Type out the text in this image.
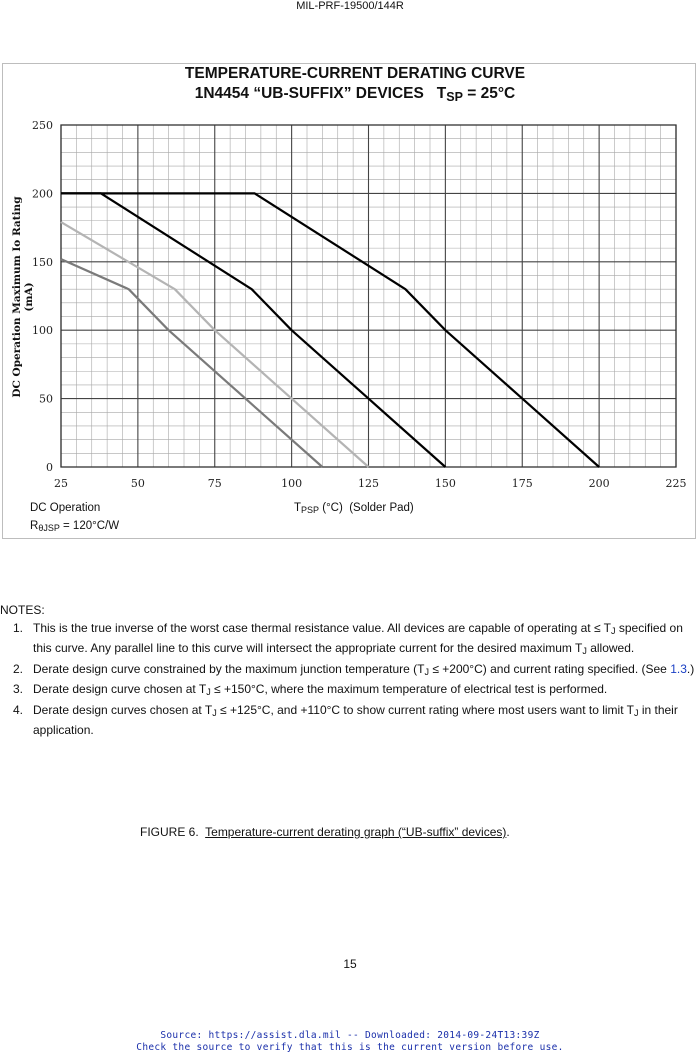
MIL-PRF-19500/144R
TEMPERATURE-CURRENT DERATING CURVE
1N4454 “UB-SUFFIX” DEVICES   TSP = 25°C
25	50	75	100	125	150	175	200	225
0
50
100
150
200
250
DC Operation Maximum Io Rating (mA)
DC Operation
$R_{\theta JSP} = 120^\circ C/W$
$T_{PSP}$ (°C)  (Solder Pad)
NOTES:
1. This is the true inverse of the worst case thermal resistance value. All devices are capable of operating at ≤ $T_J$ specified on this curve. Any parallel line to this curve will intersect the appropriate current for the desired maximum $T_J$ allowed.
2. Derate design curve constrained by the maximum junction temperature $(T_J \le +200^\circ C)$ and current rating specified. (See 1.3.)
3. Derate design curve chosen at $T_J \le +150^\circ C$, where the maximum temperature of electrical test is performed.
4. Derate design curves chosen at $T_J \le +125^\circ C$, and +110°C to show current rating where most users want to limit $T_J$ in their application.
FIGURE 6.  Temperature-current derating graph (“UB-suffix” devices).
15
Source: https://assist.dla.mil -- Downloaded: 2014-09-24T13:39Z
Check the source to verify that this is the current version before use.
